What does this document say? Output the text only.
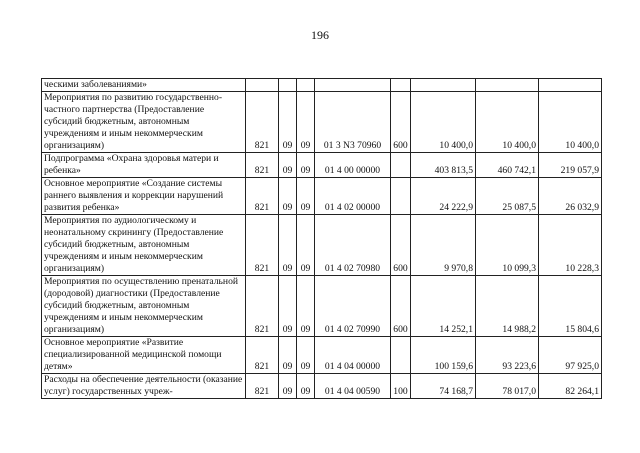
196
ческими заболеваниями»								
Мероприятия по развитию государственно-частного партнерства (Предоставление субсидий бюджетным, автономным учреждениям и иным некоммерческим организациям)	821	09	09	01 3 N3 70960	600	10 400,0	10 400,0	10 400,0
Подпрограмма «Охрана здоровья матери и ребенка»	821	09	09	01 4 00 00000		403 813,5	460 742,1	219 057,9
Основное мероприятие «Создание системы раннего выявления и коррекции нарушений развития ребенка»	821	09	09	01 4 02 00000		24 222,9	25 087,5	26 032,9
Мероприятия по аудиологическому и неонатальному скринингу (Предоставление субсидий бюджетным, автономным учреждениям и иным некоммерческим организациям)	821	09	09	01 4 02 70980	600	9 970,8	10 099,3	10 228,3
Мероприятия по осуществлению пренатальной (дородовой) диагностики (Предоставление субсидий бюджетным, автономным учреждениям и иным некоммерческим организациям)	821	09	09	01 4 02 70990	600	14 252,1	14 988,2	15 804,6
Основное мероприятие «Развитие специализированной медицинской помощи детям»	821	09	09	01 4 04 00000		100 159,6	93 223,6	97 925,0
Расходы на обеспечение деятельности (оказание услуг) государственных учреж-	821	09	09	01 4 04 00590	100	74 168,7	78 017,0	82 264,1
